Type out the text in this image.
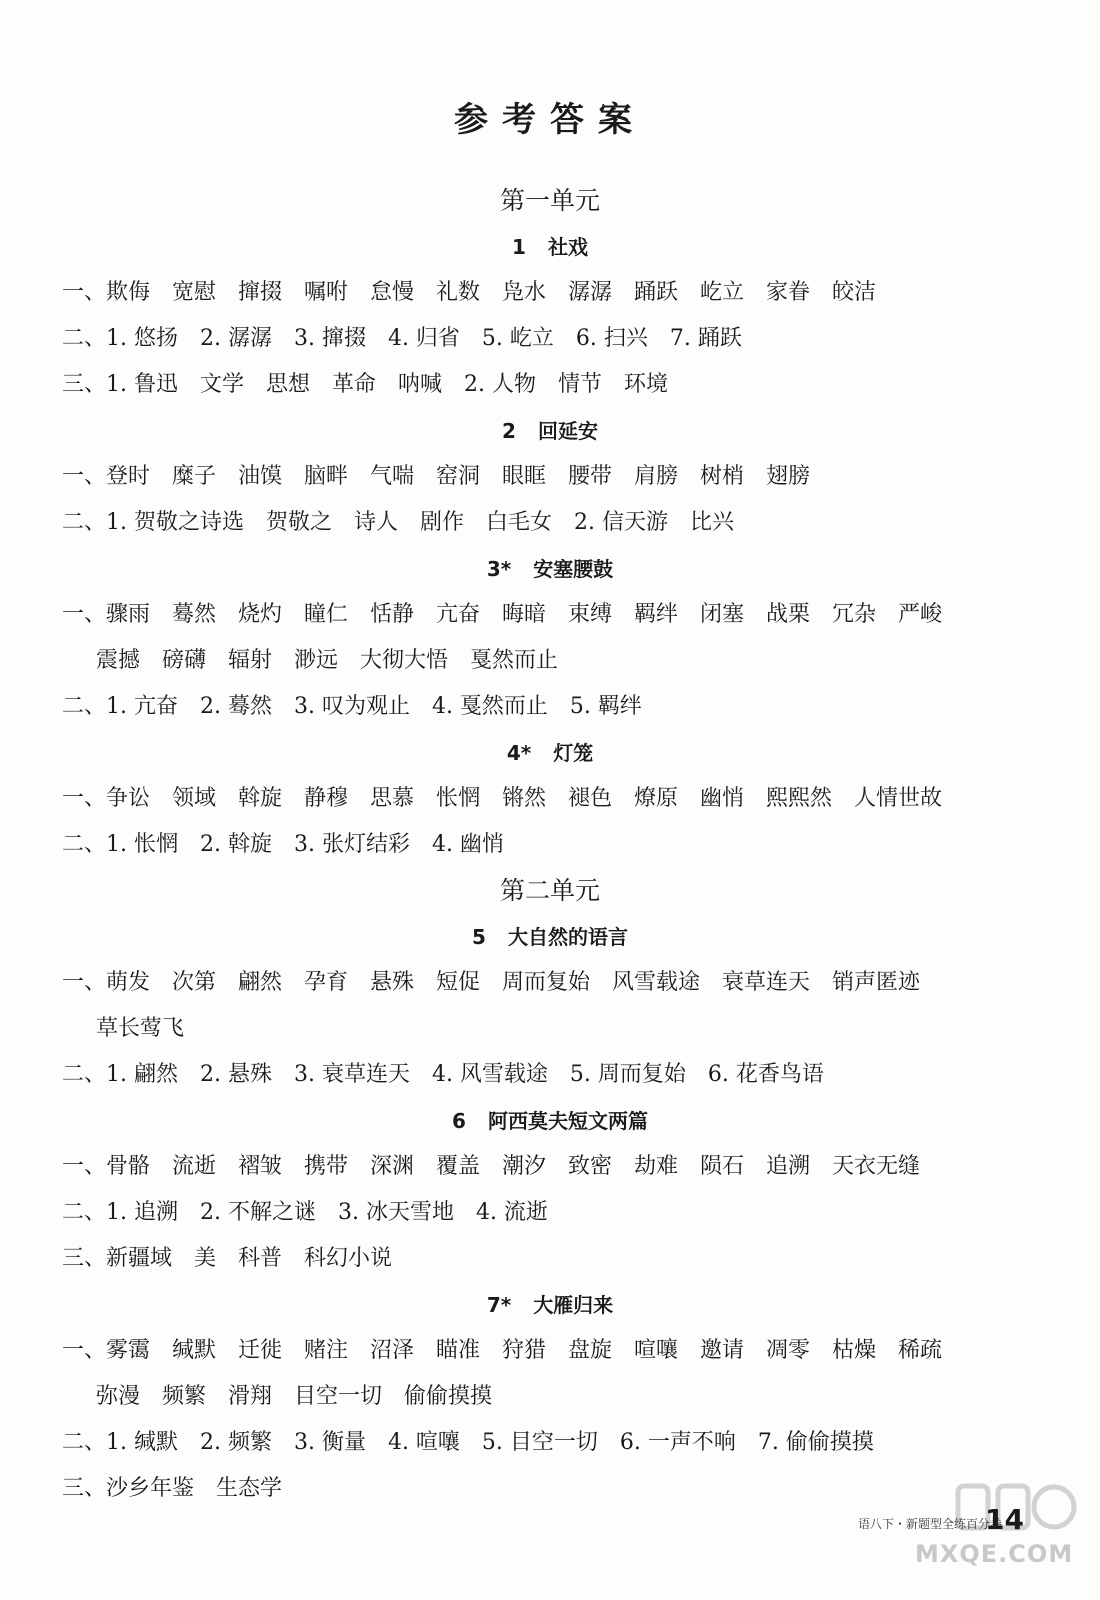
参考答案
第一单元
1 社戏
一、欺侮　宽慰　撺掇　嘱咐　怠慢　礼数　凫水　潺潺　踊跃　屹立　家眷　皎洁
二、1. 悠扬　2. 潺潺　3. 撺掇　4. 归省　5. 屹立　6. 扫兴　7. 踊跃
三、1. 鲁迅　文学　思想　革命　呐喊　2. 人物　情节　环境
2 回延安
一、登时　糜子　油馍　脑畔　气喘　窑洞　眼眶　腰带　肩膀　树梢　翅膀
二、1. 贺敬之诗选　贺敬之　诗人　剧作　白毛女　2. 信天游　比兴
3* 安塞腰鼓
一、骤雨　蓦然　烧灼　瞳仁　恬静　亢奋　晦暗　束缚　羁绊　闭塞　战栗　冗杂　严峻
震撼　磅礴　辐射　渺远　大彻大悟　戛然而止
二、1. 亢奋　2. 蓦然　3. 叹为观止　4. 戛然而止　5. 羁绊
4* 灯笼
一、争讼　领域　斡旋　静穆　思慕　怅惘　锵然　褪色　燎原　幽悄　熙熙然　人情世故
二、1. 怅惘　2. 斡旋　3. 张灯结彩　4. 幽悄
第二单元
5 大自然的语言
一、萌发　次第　翩然　孕育　悬殊　短促　周而复始　风雪载途　衰草连天　销声匿迹
草长莺飞
二、1. 翩然　2. 悬殊　3. 衰草连天　4. 风雪载途　5. 周而复始　6. 花香鸟语
6 阿西莫夫短文两篇
一、骨骼　流逝　褶皱　携带　深渊　覆盖　潮汐　致密　劫难　陨石　追溯　天衣无缝
二、1. 追溯　2. 不解之谜　3. 冰天雪地　4. 流逝
三、新疆域　美　科普　科幻小说
7* 大雁归来
一、雾霭　缄默　迁徙　赌注　沼泽　瞄准　狩猎　盘旋　喧嚷　邀请　凋零　枯燥　稀疏
弥漫　频繁　滑翔　目空一切　偷偷摸摸
二、1. 缄默　2. 频繁　3. 衡量　4. 喧嚷　5. 目空一切　6. 一声不响　7. 偷偷摸摸
三、沙乡年鉴　生态学
语八下・新题型全练百分卷
14
MXQE.COM
